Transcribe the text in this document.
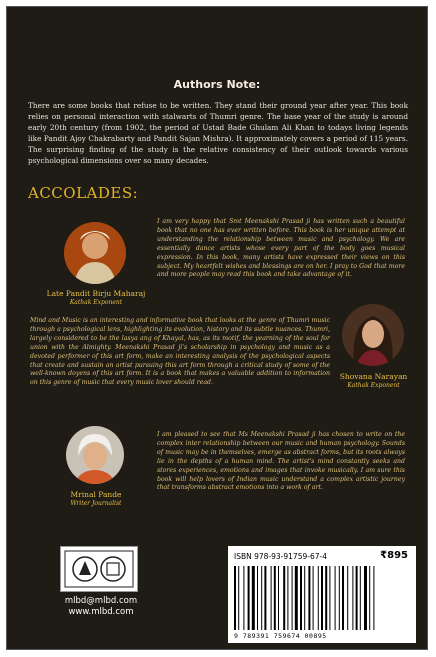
Authors Note:
There are some books that refuse to be written. They stand their ground year after year. This book relies on personal interaction with stalwarts of Thumri genre. The base year of the study is around early 20th century (from 1902, the period of Ustad Bade Ghulam Ali Khan to todays living legends like Pandit Ajoy Chakrabarty and Pandit Sajan Mishra). It approximately covers a period of 115 years. The surprising finding of the study is the relative consistency of their outlook towards various psychological dimensions over so many decades.
ACCOLADES:
I am very happy that Smt Meenakshi Prasad ji has written such a beautiful book that no one has ever written before. This book is her unique attempt at understanding the relationship between music and psychology. We are essentially dance artists whose every part of the body goes musical expression. In this book, many artists have expressed their views on this subject. My heartfelt wishes and blessings are on her. I pray to God that more and more people may read this book and take advantage of it.
Late Pandit Birju Maharaj
Kathak Exponent
Mind and Music is an interesting and informative book that looks at the genre of Thumri music through a psychological lens, highlighting its evolution, history and its subtle nuances. Thumri, largely considered to be the lasya ang of Khayal, has, as its motif, the yearning of the soul for union with the Almighty. Meenakshi Prasad ji's scholarship in psychology and music as a devoted performer of this art form, make an interesting analysis of the psychological aspects that create and sustain an artist pursuing this art form through a critical study of some of the well-known doyens of this art form. It is a book that makes a valuable addition to information on this genre of music that every music lover should read.
Shovana Narayan
Kathak Exponent
I am pleased to see that Ms Meenakshi Prasad ji has chosen to write on the complex inter relationship between our music and human psychology. Sounds of music may be in themselves, emerge as abstract forms, but its roots always lie in the depths of a human mind. The artist's mind constantly seeks and stores experiences, emotions and images that invoke musically. I am sure this book will help lovers of Indian music understand a complex artistic journey that transforms abstract emotions into a work of art.
Mrinal Pande
Writer Journalist
mlbd@mlbd.com
www.mlbd.com
ISBN 978-93-91759-67-4	₹895
9 789391 759674 00895
